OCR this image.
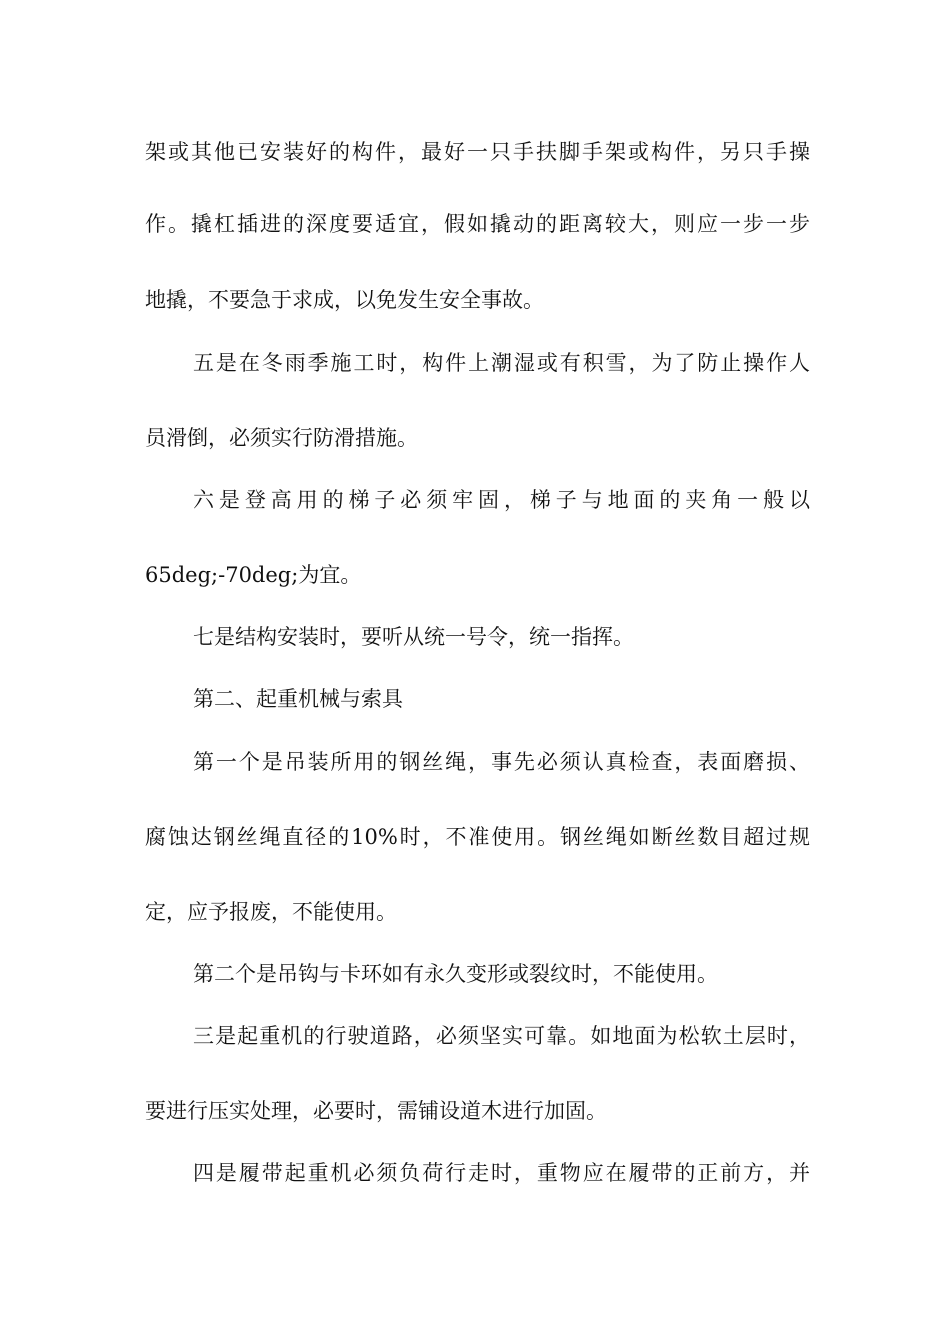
架或其他已安装好的构件，最好一只手扶脚手架或构件，另只手操
作。撬杠插进的深度要适宜，假如撬动的距离较大，则应一步一步
地撬，不要急于求成，以免发生安全事故。
五是在冬雨季施工时，构件上潮湿或有积雪，为了防止操作人
员滑倒，必须实行防滑措施。
六是登高用的梯子必须牢固，梯子与地面的夹角一般以
65deg;-70deg;为宜。
七是结构安装时，要听从统一号令，统一指挥。
第二、起重机械与索具
第一个是吊装所用的钢丝绳，事先必须认真检查，表面磨损、
腐蚀达钢丝绳直径的10%时，不准使用。钢丝绳如断丝数目超过规
定，应予报废，不能使用。
第二个是吊钩与卡环如有永久变形或裂纹时，不能使用。
三是起重机的行驶道路，必须坚实可靠。如地面为松软土层时，
要进行压实处理，必要时，需铺设道木进行加固。
四是履带起重机必须负荷行走时，重物应在履带的正前方，并
